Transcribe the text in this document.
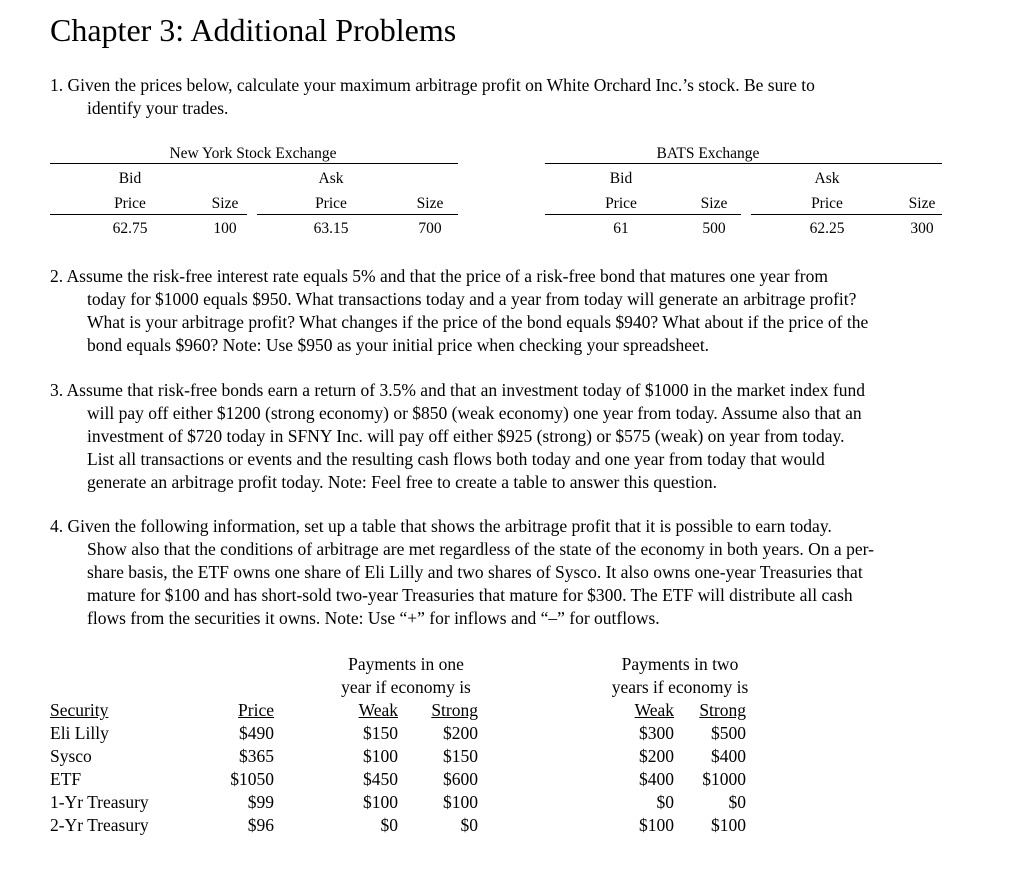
Chapter 3: Additional Problems
1. Given the prices below, calculate your maximum arbitrage profit on White Orchard Inc.’s stock. Be sure to
identify your trades.
New York Stock Exchange
Bid	Ask
Price	Size	Price	Size
62.75	100	63.15	700
BATS Exchange
Bid	Ask
Price	Size	Price	Size
61	500	62.25	300
2. Assume the risk-free interest rate equals 5% and that the price of a risk-free bond that matures one year from
today for $1000 equals $950. What transactions today and a year from today will generate an arbitrage profit?
What is your arbitrage profit? What changes if the price of the bond equals $940? What about if the price of the
bond equals $960? Note: Use $950 as your initial price when checking your spreadsheet.
3. Assume that risk-free bonds earn a return of 3.5% and that an investment today of $1000 in the market index fund
will pay off either $1200 (strong economy) or $850 (weak economy) one year from today. Assume also that an
investment of $720 today in SFNY Inc. will pay off either $925 (strong) or $575 (weak) on year from today.
List all transactions or events and the resulting cash flows both today and one year from today that would
generate an arbitrage profit today. Note: Feel free to create a table to answer this question.
4. Given the following information, set up a table that shows the arbitrage profit that it is possible to earn today.
Show also that the conditions of arbitrage are met regardless of the state of the economy in both years. On a per-
share basis, the ETF owns one share of Eli Lilly and two shares of Sysco. It also owns one-year Treasuries that
mature for $100 and has short-sold two-year Treasuries that mature for $300. The ETF will distribute all cash
flows from the securities it owns. Note: Use “+” for inflows and “–” for outflows.
Payments in one
year if economy is
Payments in two
years if economy is
Security	Price	Weak	Strong	Weak	Strong
Eli Lilly	$490	$150	$200	$300	$500
Sysco	$365	$100	$150	$200	$400
ETF	$1050	$450	$600	$400	$1000
1-Yr Treasury	$99	$100	$100	$0	$0
2-Yr Treasury	$96	$0	$0	$100	$100
